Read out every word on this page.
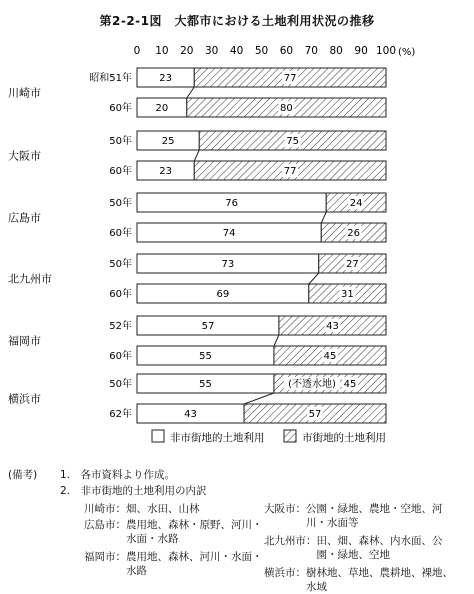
第2-2-1図　大都市における土地利用状況の推移
0 10 20 30 40 50 60 70 80 90 100 (%)
川崎市
昭和51年	23	77
60年 20	80
大阪市
50年	25	75
60年	23	77
広島市
50年	76	24
60年	74	26
北九州市
50年	73	27
60年	69	31
福岡市
52年	57	43
60年	55	45
横浜市
50年	55	(不透水地) 45
62年	43	57
非市街地的土地利用	市街地的土地利用
(備考) 1.　各市資料より作成。
2.　非市街地的土地利用の内訳
川崎市：畑、水田、山林
広島市：農用地、森林・原野、河川・
　　　　水面・水路
福岡市：農用地、森林、河川・水面・
　　　　水路
大阪市：公園・緑地、農地・空地、河
　　　　川・水面等
北九州市：田、畑、森林、内水面、公
　　　　　園・緑地、空地
横浜市：樹林地、草地、農耕地、裸地、
　　　　水域
